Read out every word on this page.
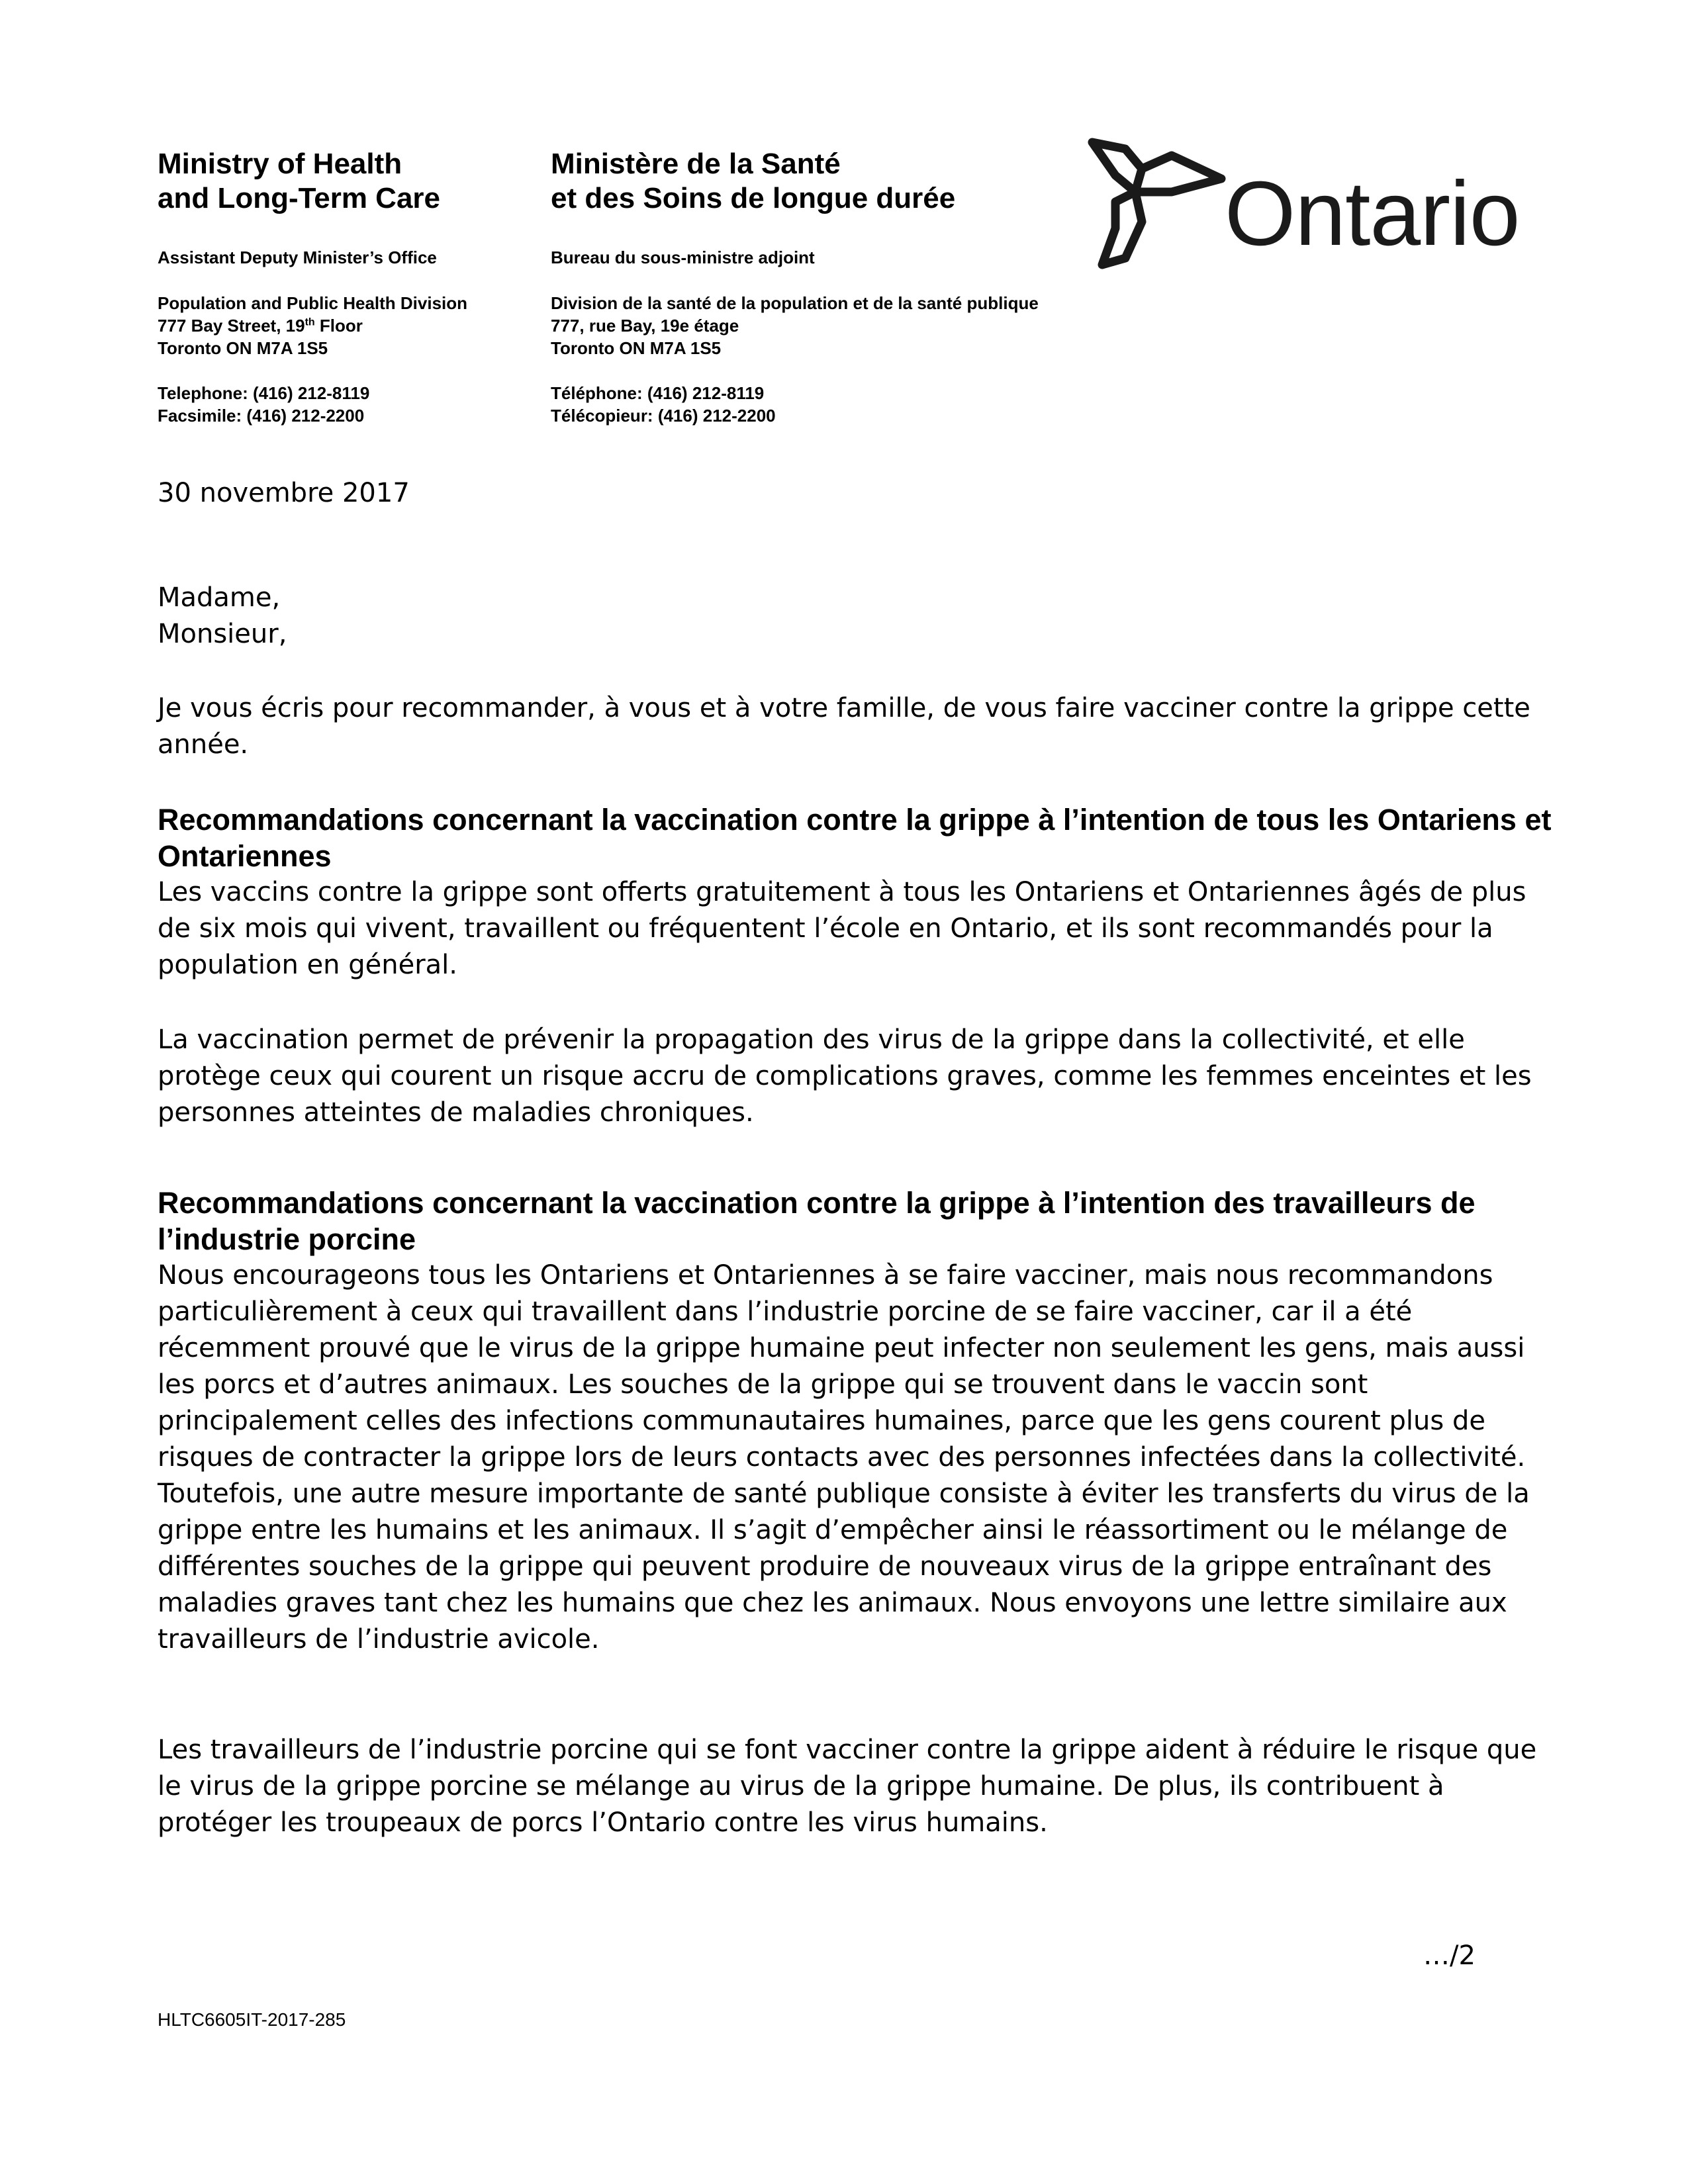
Ministry of Health
and Long-Term Care
Assistant Deputy Minister’s Office
Population and Public Health Division
777 Bay Street, 19th Floor
Toronto ON M7A 1S5
Telephone: (416) 212-8119
Facsimile: (416) 212-2200
Ministère de la Santé
et des Soins de longue durée
Bureau du sous-ministre adjoint
Division de la santé de la population et de la santé publique
777, rue Bay, 19e étage
Toronto ON M7A 1S5
Téléphone: (416) 212-8119
Télécopieur: (416) 212-2200
Ontario
30 novembre 2017
Madame,
Monsieur,

Je vous écris pour recommander, à vous et à votre famille, de vous faire vacciner contre la grippe cette année.

Recommandations concernant la vaccination contre la grippe à l’intention de tous les Ontariens et Ontariennes

Les vaccins contre la grippe sont offerts gratuitement à tous les Ontariens et Ontariennes âgés de plus de six mois qui vivent, travaillent ou fréquentent l’école en Ontario, et ils sont recommandés pour la population en général.

La vaccination permet de prévenir la propagation des virus de la grippe dans la collectivité, et elle protège ceux qui courent un risque accru de complications graves, comme les femmes enceintes et les personnes atteintes de maladies chroniques.

Recommandations concernant la vaccination contre la grippe à l’intention des travailleurs de l’industrie porcine

Nous encourageons tous les Ontariens et Ontariennes à se faire vacciner, mais nous recommandons particulièrement à ceux qui travaillent dans l’industrie porcine de se faire vacciner, car il a été récemment prouvé que le virus de la grippe humaine peut infecter non seulement les gens, mais aussi les porcs et d’autres animaux. Les souches de la grippe qui se trouvent dans le vaccin sont principalement celles des infections communautaires humaines, parce que les gens courent plus de risques de contracter la grippe lors de leurs contacts avec des personnes infectées dans la collectivité. Toutefois, une autre mesure importante de santé publique consiste à éviter les transferts du virus de la grippe entre les humains et les animaux. Il s’agit d’empêcher ainsi le réassortiment ou le mélange de différentes souches de la grippe qui peuvent produire de nouveaux virus de la grippe entraînant des maladies graves tant chez les humains que chez les animaux. Nous envoyons une lettre similaire aux travailleurs de l’industrie avicole.

Les travailleurs de l’industrie porcine qui se font vacciner contre la grippe aident à réduire le risque que le virus de la grippe porcine se mélange au virus de la grippe humaine. De plus, ils contribuent à protéger les troupeaux de porcs l’Ontario contre les virus humains.

…/2
HLTC6605IT-2017-285
